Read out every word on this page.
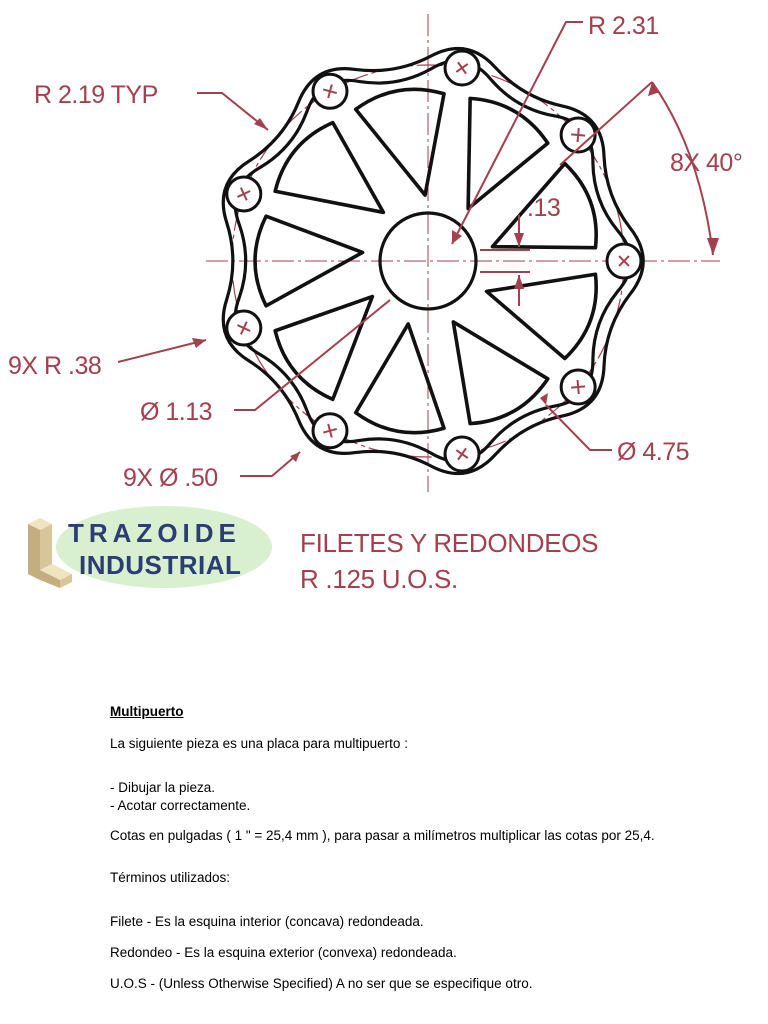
R 2.31
R 2.19 TYP
8X 40°
.13
9X R .38
Ø 1.13
Ø 4.75
9X Ø .50
TRAZOIDE
INDUSTRIAL
FILETES Y REDONDEOS
R .125 U.O.S.

Multipuerto

La siguiente pieza es una placa para multipuerto :

- Dibujar la pieza.

- Acotar correctamente.

Cotas en pulgadas ( 1 " = 25,4 mm ), para pasar a milímetros multiplicar las cotas por 25,4.

Términos utilizados:

Filete - Es la esquina interior (concava) redondeada.

Redondeo - Es la esquina exterior (convexa) redondeada.

U.O.S - (Unless Otherwise Specified) A no ser que se especifique otro.
